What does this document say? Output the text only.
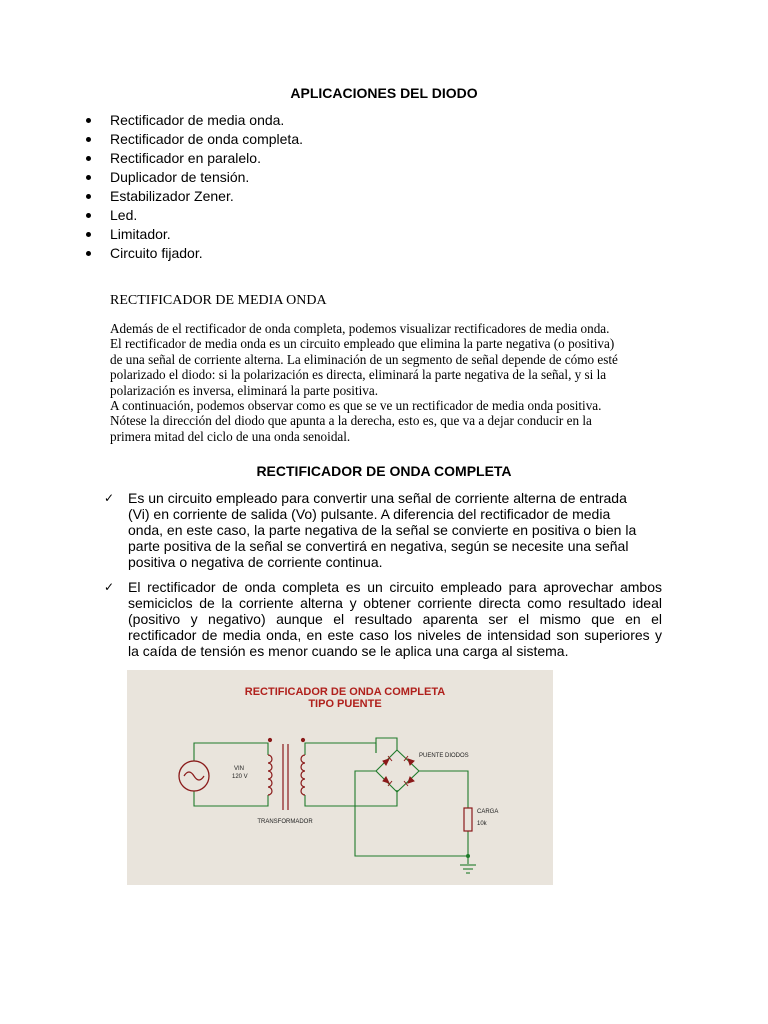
APLICACIONES DEL DIODO
Rectificador de media onda.
Rectificador de onda completa.
Rectificador en paralelo.
Duplicador de tensión.
Estabilizador Zener.
Led.
Limitador.
Circuito fijador.
RECTIFICADOR DE MEDIA ONDA
Además de el rectificador de onda completa, podemos visualizar rectificadores de media onda.
El rectificador de media onda es un circuito empleado que elimina la parte negativa (o positiva)
de una señal de corriente alterna. La eliminación de un segmento de señal depende de cómo esté
polarizado el diodo: si la polarización es directa, eliminará la parte negativa de la señal, y si la
polarización es inversa, eliminará la parte positiva.
A continuación, podemos observar como es que se ve un rectificador de media onda positiva.
Nótese la dirección del diodo que apunta a la derecha, esto es, que va a dejar conducir en la
primera mitad del ciclo de una onda senoidal.
RECTIFICADOR DE ONDA COMPLETA
✓ Es un circuito empleado para convertir una señal de corriente alterna de entrada
(Vi) en corriente de salida (Vo) pulsante. A diferencia del rectificador de media
onda, en este caso, la parte negativa de la señal se convierte en positiva o bien la
parte positiva de la señal se convertirá en negativa, según se necesite una señal
positiva o negativa de corriente continua.
✓ El rectificador de onda completa es un circuito empleado para aprovechar ambos
semiciclos de la corriente alterna y obtener corriente directa como resultado ideal
(positivo y negativo) aunque el resultado aparenta ser el mismo que en el
rectificador de media onda, en este caso los niveles de intensidad son superiores y
la caída de tensión es menor cuando se le aplica una carga al sistema.
RECTIFICADOR DE ONDA COMPLETA
TIPO PUENTE
VIN
120 V
TRANSFORMADOR
PUENTE DIODOS
CARGA
10k
